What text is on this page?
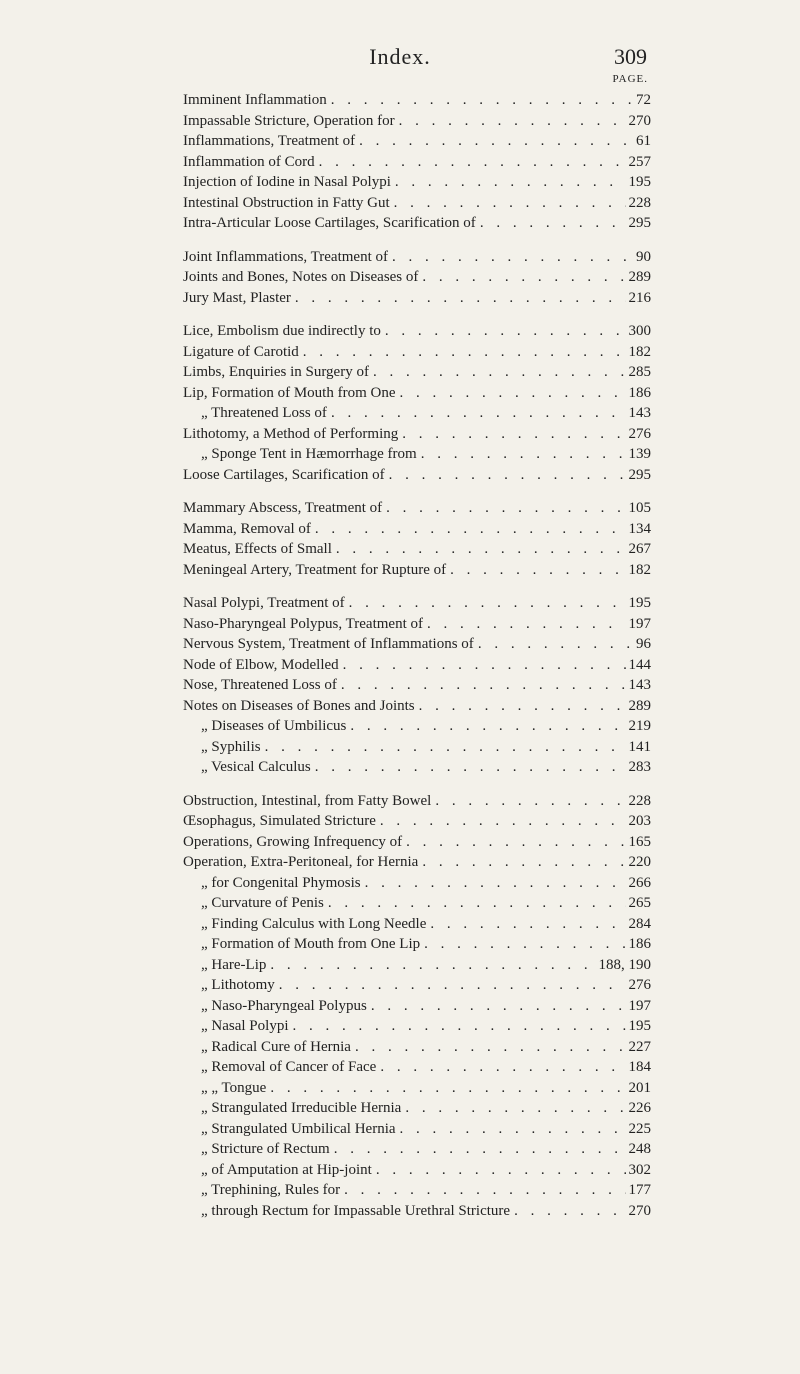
Index.	309
PAGE.
Imminent Inflammation . . .	72
Impassable Stricture, Operation for . . .	270
Inflammations, Treatment of . . .	61
Inflammation of Cord . . .	257
Injection of Iodine in Nasal Polypi . . .	195
Intestinal Obstruction in Fatty Gut . . .	228
Intra-Articular Loose Cartilages, Scarification of . . .	295
Joint Inflammations, Treatment of . . .	90
Joints and Bones, Notes on Diseases of . . .	289
Jury Mast, Plaster . . .	216
Lice, Embolism due indirectly to . . .	300
Ligature of Carotid . . .	182
Limbs, Enquiries in Surgery of . . .	285
Lip, Formation of Mouth from One . . .	186
„ Threatened Loss of . . .	143
Lithotomy, a Method of Performing . . .	276
„ Sponge Tent in Hæmorrhage from . . .	139
Loose Cartilages, Scarification of . . .	295
Mammary Abscess, Treatment of . . .	105
Mamma, Removal of . . .	134
Meatus, Effects of Small . . .	267
Meningeal Artery, Treatment for Rupture of . . .	182
Nasal Polypi, Treatment of . . .	195
Naso-Pharyngeal Polypus, Treatment of . . .	197
Nervous System, Treatment of Inflammations of . . .	96
Node of Elbow, Modelled . . .	144
Nose, Threatened Loss of . . .	143
Notes on Diseases of Bones and Joints . . .	289
„ Diseases of Umbilicus . . .	219
„ Syphilis . . .	141
„ Vesical Calculus . . .	283
Obstruction, Intestinal, from Fatty Bowel . . .	228
Œsophagus, Simulated Stricture . . .	203
Operations, Growing Infrequency of . . .	165
Operation, Extra-Peritoneal, for Hernia . . .	220
„ for Congenital Phymosis . . .	266
„ Curvature of Penis . . .	265
„ Finding Calculus with Long Needle . . .	284
„ Formation of Mouth from One Lip . . .	186
„ Hare-Lip . . .	188, 190
„ Lithotomy . . .	276
„ Naso-Pharyngeal Polypus . . .	197
„ Nasal Polypi . . .	195
„ Radical Cure of Hernia . . .	227
„ Removal of Cancer of Face . . .	184
„ „ Tongue . . .	201
„ Strangulated Irreducible Hernia . . .	226
„ Strangulated Umbilical Hernia . . .	225
„ Stricture of Rectum . . .	248
„ of Amputation at Hip-joint . . .	302
„ Trephining, Rules for . . .	177
„ through Rectum for Impassable Urethral Stricture . . .	270
